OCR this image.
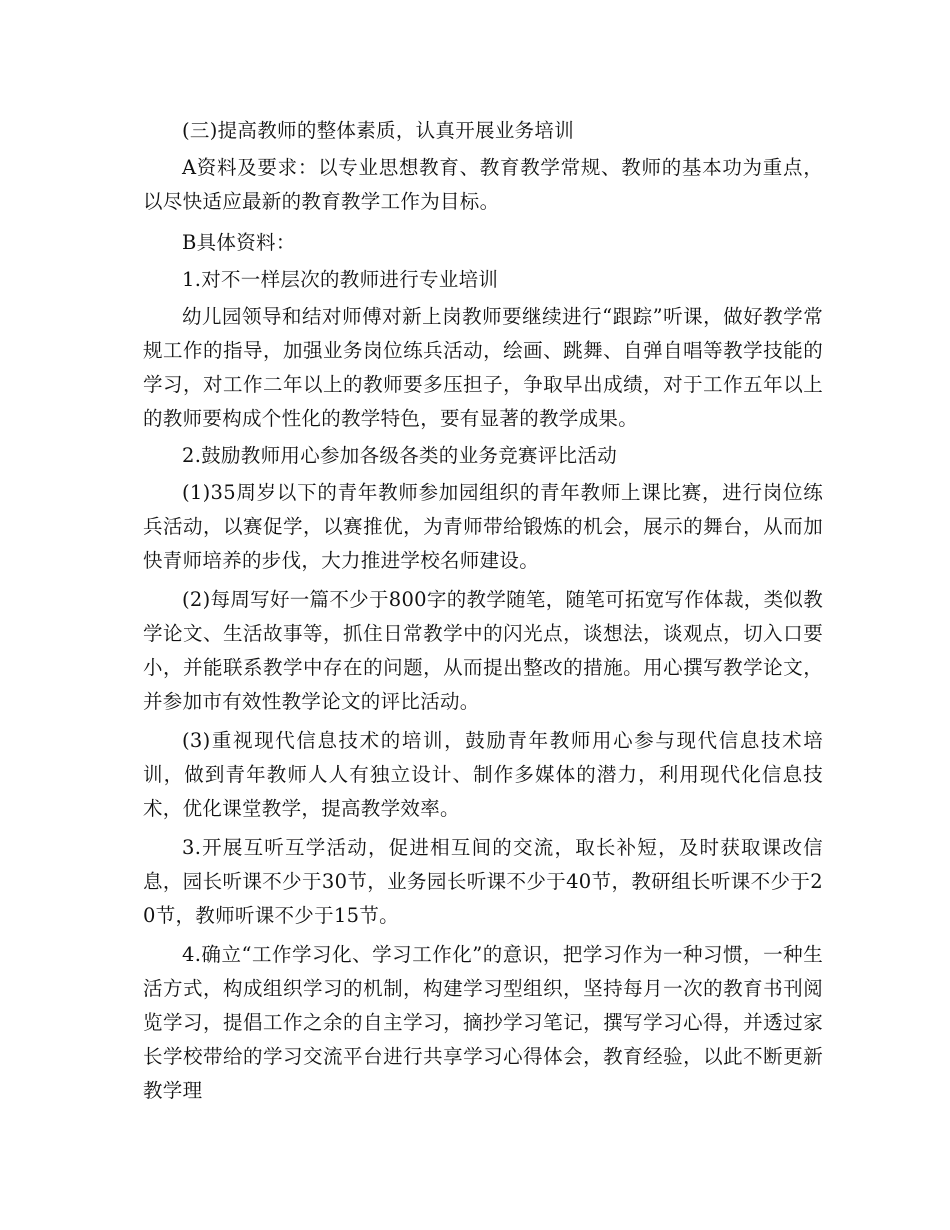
(三)提高教师的整体素质，认真开展业务培训

A资料及要求：以专业思想教育、教育教学常规、教师的基本功为重点，以尽快适应最新的教育教学工作为目标。

B具体资料：

1.对不一样层次的教师进行专业培训

幼儿园领导和结对师傅对新上岗教师要继续进行“跟踪”听课，做好教学常规工作的指导，加强业务岗位练兵活动，绘画、跳舞、自弹自唱等教学技能的学习，对工作二年以上的教师要多压担子，争取早出成绩，对于工作五年以上的教师要构成个性化的教学特色，要有显著的教学成果。

2.鼓励教师用心参加各级各类的业务竞赛评比活动

(1)35周岁以下的青年教师参加园组织的青年教师上课比赛，进行岗位练兵活动，以赛促学，以赛推优，为青师带给锻炼的机会，展示的舞台，从而加快青师培养的步伐，大力推进学校名师建设。

(2)每周写好一篇不少于800字的教学随笔，随笔可拓宽写作体裁，类似教学论文、生活故事等，抓住日常教学中的闪光点，谈想法，谈观点，切入口要小，并能联系教学中存在的问题，从而提出整改的措施。用心撰写教学论文，并参加市有效性教学论文的评比活动。

(3)重视现代信息技术的培训，鼓励青年教师用心参与现代信息技术培训，做到青年教师人人有独立设计、制作多媒体的潜力，利用现代化信息技术，优化课堂教学，提高教学效率。

3.开展互听互学活动，促进相互间的交流，取长补短，及时获取课改信息，园长听课不少于30节，业务园长听课不少于40节，教研组长听课不少于20节，教师听课不少于15节。

4.确立“工作学习化、学习工作化”的意识，把学习作为一种习惯，一种生活方式，构成组织学习的机制，构建学习型组织，坚持每月一次的教育书刊阅览学习，提倡工作之余的自主学习，摘抄学习笔记，撰写学习心得，并透过家长学校带给的学习交流平台进行共享学习心得体会，教育经验，以此不断更新教学理
